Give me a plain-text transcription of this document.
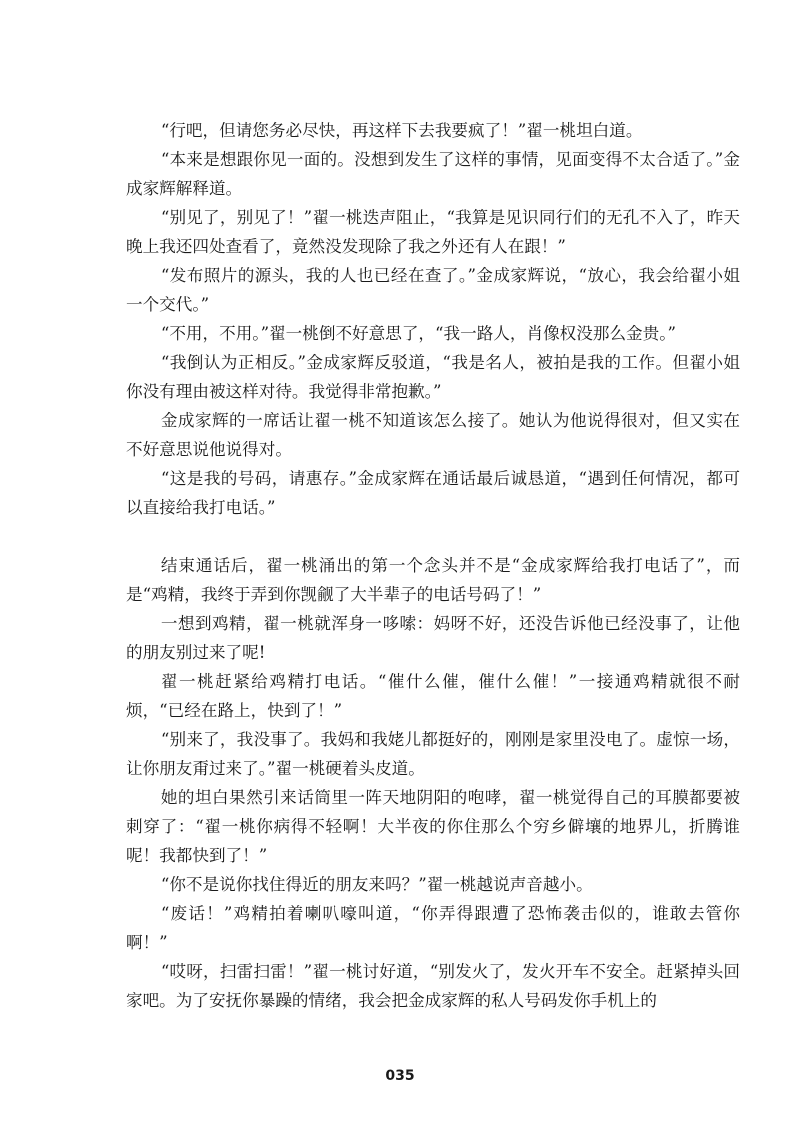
“行吧，但请您务必尽快，再这样下去我要疯了！”翟一桃坦白道。

“本来是想跟你见一面的。没想到发生了这样的事情，见面变得不太合适了。”金成家辉解释道。

“别见了，别见了！”翟一桃迭声阻止，“我算是见识同行们的无孔不入了，昨天晚上我还四处查看了，竟然没发现除了我之外还有人在跟！”

“发布照片的源头，我的人也已经在查了。”金成家辉说，“放心，我会给翟小姐一个交代。”

“不用，不用。”翟一桃倒不好意思了，“我一路人，肖像权没那么金贵。”

“我倒认为正相反。”金成家辉反驳道，“我是名人，被拍是我的工作。但翟小姐你没有理由被这样对待。我觉得非常抱歉。”

金成家辉的一席话让翟一桃不知道该怎么接了。她认为他说得很对，但又实在不好意思说他说得对。

“这是我的号码，请惠存。”金成家辉在通话最后诚恳道，“遇到任何情况，都可以直接给我打电话。”

结束通话后，翟一桃涌出的第一个念头并不是“金成家辉给我打电话了”，而是“鸡精，我终于弄到你觊觎了大半辈子的电话号码了！”

一想到鸡精，翟一桃就浑身一哆嗦：妈呀不好，还没告诉他已经没事了，让他的朋友别过来了呢!

翟一桃赶紧给鸡精打电话。“催什么催，催什么催！”一接通鸡精就很不耐烦，“已经在路上，快到了！”

“别来了，我没事了。我妈和我姥儿都挺好的，刚刚是家里没电了。虚惊一场，让你朋友甭过来了。”翟一桃硬着头皮道。

她的坦白果然引来话筒里一阵天地阴阳的咆哮，翟一桃觉得自己的耳膜都要被刺穿了：“翟一桃你病得不轻啊！大半夜的你住那么个穷乡僻壤的地界儿，折腾谁呢！我都快到了！”

“你不是说你找住得近的朋友来吗？”翟一桃越说声音越小。

“废话！”鸡精拍着喇叭嚎叫道，“你弄得跟遭了恐怖袭击似的，谁敢去管你啊！”

“哎呀，扫雷扫雷！”翟一桃讨好道，“别发火了，发火开车不安全。赶紧掉头回家吧。为了安抚你暴躁的情绪，我会把金成家辉的私人号码发你手机上的

035
